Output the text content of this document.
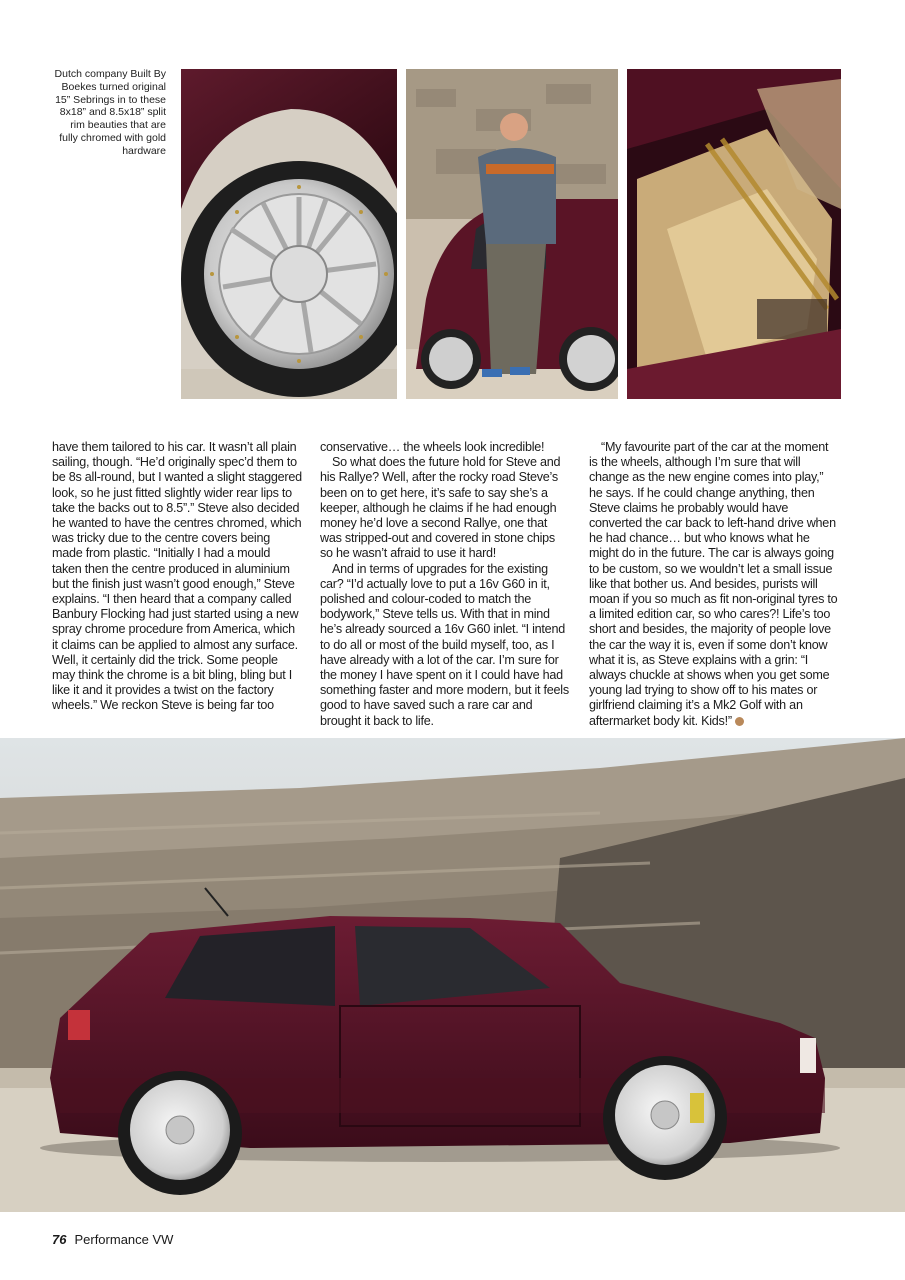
Dutch company Built By Boekes turned original 15” Sebrings in to these 8x18” and 8.5x18” split rim beauties that are fully chromed with gold hardware

have them tailored to his car. It wasn’t all plain sailing, though. “He’d originally spec’d them to be 8s all-round, but I wanted a slight staggered look, so he just fitted slightly wider rear lips to take the backs out to 8.5”.” Steve also decided he wanted to have the centres chromed, which was tricky due to the centre covers being made from plastic. “Initially I had a mould taken then the centre produced in aluminium but the finish just wasn’t good enough,” Steve explains. “I then heard that a company called Banbury Flocking had just started using a new spray chrome procedure from America, which it claims can be applied to almost any surface. Well, it certainly did the trick. Some people may think the chrome is a bit bling, bling but I like it and it provides a twist on the factory wheels.” We reckon Steve is being far too

conservative… the wheels look incredible!

So what does the future hold for Steve and his Rallye? Well, after the rocky road Steve’s been on to get here, it’s safe to say she’s a keeper, although he claims if he had enough money he’d love a second Rallye, one that was stripped-out and covered in stone chips so he wasn’t afraid to use it hard!

And in terms of upgrades for the existing car? “I’d actually love to put a 16v G60 in it, polished and colour-coded to match the bodywork,” Steve tells us. With that in mind he’s already sourced a 16v G60 inlet. “I intend to do all or most of the build myself, too, as I have already with a lot of the car. I’m sure for the money I have spent on it I could have had something faster and more modern, but it feels good to have saved such a rare car and brought it back to life.

“My favourite part of the car at the moment is the wheels, although I’m sure that will change as the new engine comes into play,” he says. If he could change anything, then Steve claims he probably would have converted the car back to left-hand drive when he had chance… but who knows what he might do in the future. The car is always going to be custom, so we wouldn’t let a small issue like that bother us. And besides, purists will moan if you so much as fit non-original tyres to a limited edition car, so who cares?! Life’s too short and besides, the majority of people love the car the way it is, even if some don’t know what it is, as Steve explains with a grin: “I always chuckle at shows when you get some young lad trying to show off to his mates or girlfriend claiming it’s a Mk2 Golf with an aftermarket body kit. Kids!”

76 Performance VW
